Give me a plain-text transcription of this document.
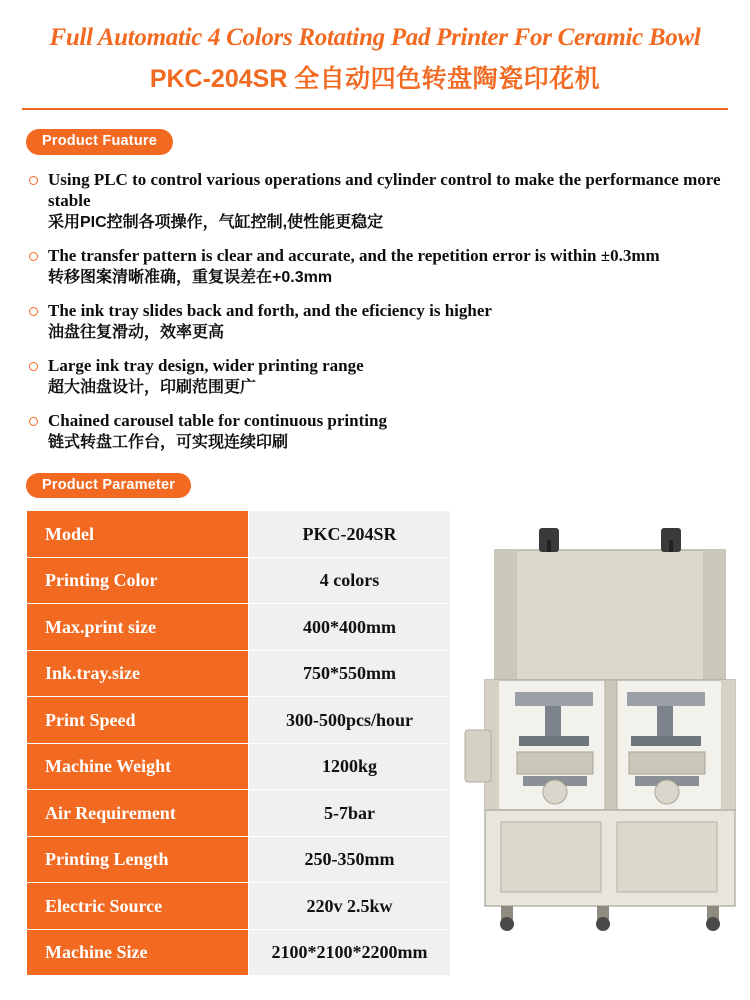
Full Automatic 4 Colors Rotating Pad Printer For Ceramic Bowl
PKC-204SR 全自动四色转盘陶瓷印花机
Product Fuature
Using PLC to control various operations and cylinder control to make the performance more stable
采用PIC控制各项操作，气缸控制,使性能更稳定
The transfer pattern is clear and accurate, and the repetition error is within ±0.3mm
转移图案清晰准确，重复误差在+0.3mm
The ink tray slides back and forth, and the eficiency is higher
油盘往复滑动，效率更高
Large ink tray design, wider printing range
超大油盘设计，印刷范围更广
Chained carousel table for continuous printing
链式转盘工作台，可实现连续印刷
Product Parameter
Model	PKC-204SR
Printing Color	4 colors
Max.print size	400*400mm
Ink.tray.size	750*550mm
Print Speed	300-500pcs/hour
Machine Weight	1200kg
Air Requirement	5-7bar
Printing Length	250-350mm
Electric Source	220v 2.5kw
Machine Size	2100*2100*2200mm
